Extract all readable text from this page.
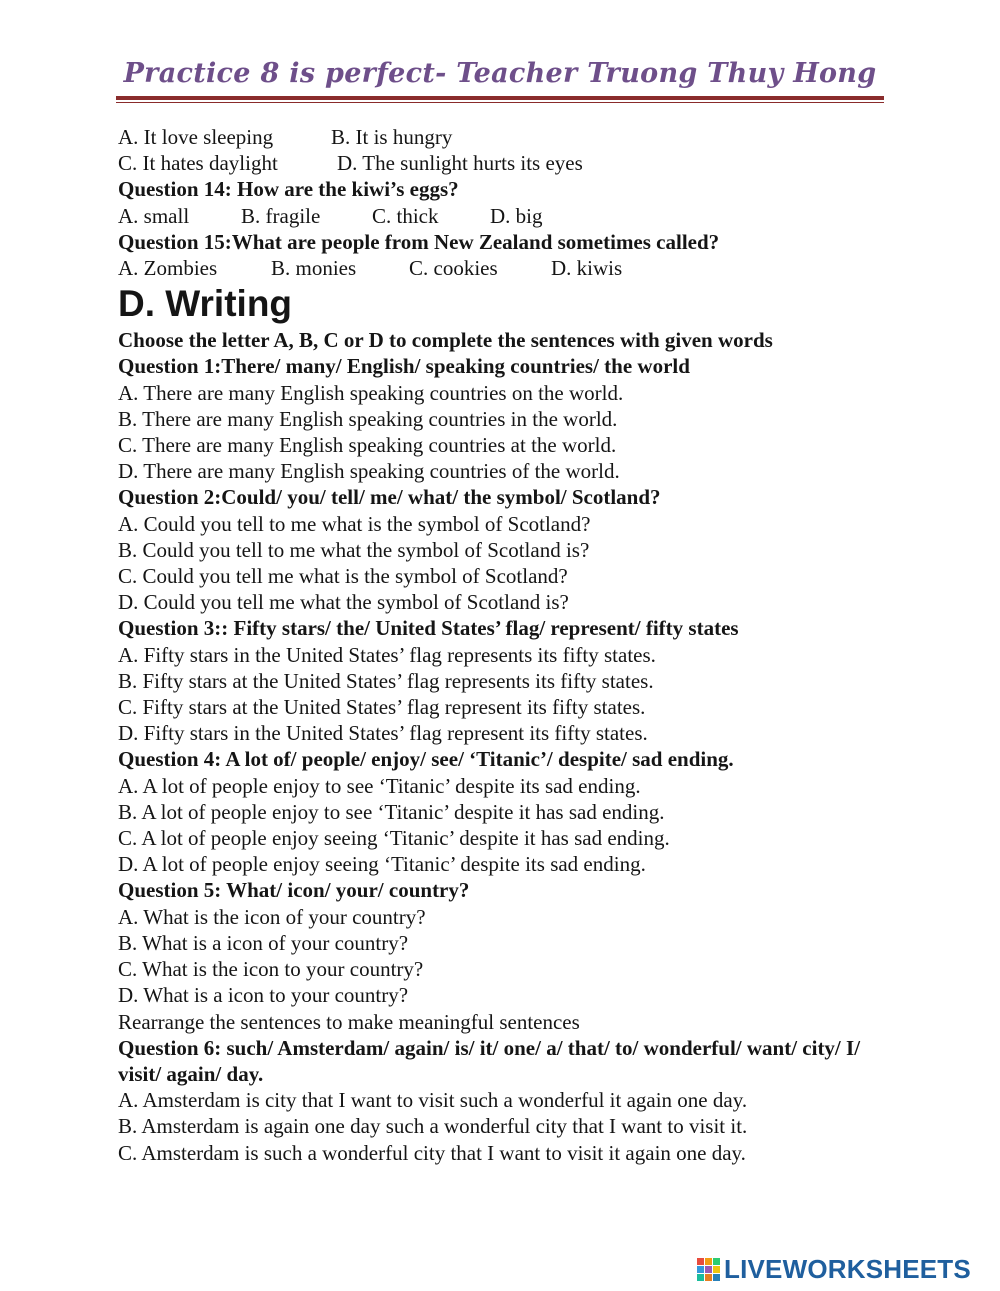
Practice 8 is perfect- Teacher Truong Thuy Hong
A. It love sleeping	B. It is hungry
C. It hates daylight	D. The sunlight hurts its eyes
Question 14: How are the kiwi’s eggs?
A. small	B. fragile	C. thick	D. big
Question 15:What are people from New Zealand sometimes called?
A. Zombies	B. monies	C. cookies	D. kiwis
D. Writing
Choose the letter A, B, C or D to complete the sentences with given words
Question 1:There/ many/ English/ speaking countries/ the world
A. There are many English speaking countries on the world.
B. There are many English speaking countries in the world.
C. There are many English speaking countries at the world.
D. There are many English speaking countries of the world.
Question 2:Could/ you/ tell/ me/ what/ the symbol/ Scotland?
A. Could you tell to me what is the symbol of Scotland?
B. Could you tell to me what the symbol of Scotland is?
C. Could you tell me what is the symbol of Scotland?
D. Could you tell me what the symbol of Scotland is?
Question 3:: Fifty stars/ the/ United States’ flag/ represent/ fifty states
A. Fifty stars in the United States’ flag represents its fifty states.
B. Fifty stars at the United States’ flag represents its fifty states.
C. Fifty stars at the United States’ flag represent its fifty states.
D. Fifty stars in the United States’ flag represent its fifty states.
Question 4: A lot of/ people/ enjoy/ see/ ‘Titanic’/ despite/ sad ending.
A. A lot of people enjoy to see ‘Titanic’ despite its sad ending.
B. A lot of people enjoy to see ‘Titanic’ despite it has sad ending.
C. A lot of people enjoy seeing ‘Titanic’ despite it has sad ending.
D. A lot of people enjoy seeing ‘Titanic’ despite its sad ending.
Question 5: What/ icon/ your/ country?
A. What is the icon of your country?
B. What is a icon of your country?
C. What is the icon to your country?
D. What is a icon to your country?
Rearrange the sentences to make meaningful sentences
Question 6: such/ Amsterdam/ again/ is/ it/ one/ a/ that/ to/ wonderful/ want/ city/ I/ visit/ again/ day.
A. Amsterdam is city that I want to visit such a wonderful it again one day.
B. Amsterdam is again one day such a wonderful city that I want to visit it.
C. Amsterdam is such a wonderful city that I want to visit it again one day.
LIVEWORKSHEETS
